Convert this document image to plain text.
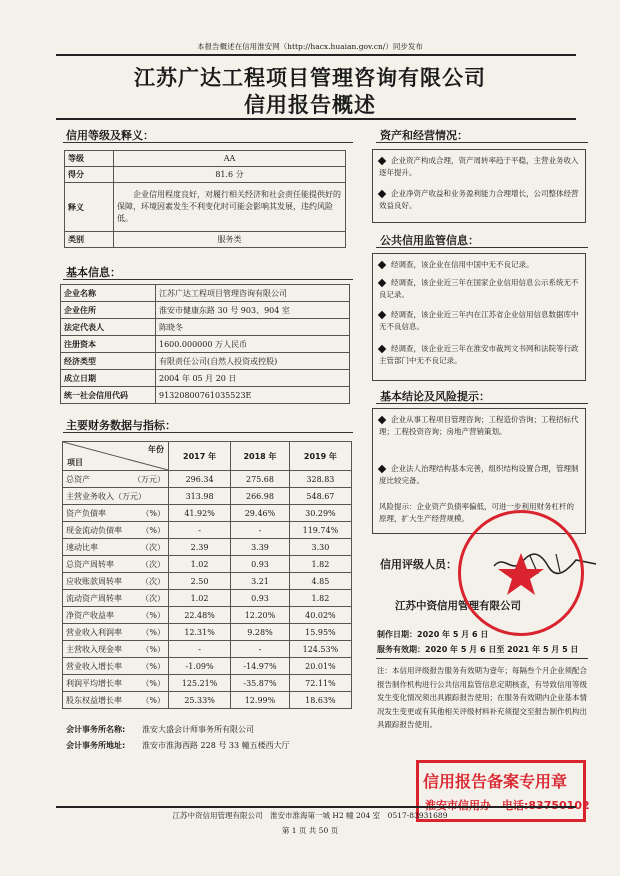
本报告概述在信用淮安网（http://hacx.huaian.gov.cn/）同步发布
江苏广达工程项目管理咨询有限公司
信用报告概述
信用等级及释义：
等级	AA
得分	81.6 分
释义	企业信用程度良好，对履行相关经济和社会责任能提供好的保障，环境因素发生不利变化时可能会影响其发展，违约风险低。
类别	服务类
基本信息：
企业名称	江苏广达工程项目管理咨询有限公司
企业住所	淮安市健康东路 30 号 903、904 室
法定代表人	陈晓冬
注册资本	1600.000000 万人民币
经济类型	有限责任公司(自然人投资或控股)
成立日期	2004 年 05 月 20 日
统一社会信用代码	91320800761035523E
主要财务数据与指标：
年份
项目	2017 年	2018 年	2019 年
总资产 （万元）	296.34	275.68	328.83
主营业务收入（万元）	313.98	266.98	548.67
资产负债率 （%）	41.92%	29.46%	30.29%
现金流动负债率 （%）	-	-	119.74%
速动比率 （次）	2.39	3.39	3.30
总资产周转率 （次）	1.02	0.93	1.82
应收账款周转率 （次）	2.50	3.21	4.85
流动资产周转率 （次）	1.02	0.93	1.82
净资产收益率 （%）	22.48%	12.20%	40.02%
营业收入利润率 （%）	12.31%	9.28%	15.95%
主营收入现金率 （%）	-	-	124.53%
营业收入增长率 （%）	-1.09%	-14.97%	20.01%
利润平均增长率 （%）	125.21%	-35.87%	72.11%
股东权益增长率 （%）	25.33%	12.99%	18.63%
会计事务所名称: 淮安大盛会计师事务所有限公司
会计事务所地址: 淮安市淮海西路 228 号 33 幢五楼西大厅
资产和经营情况：
企业资产构成合理，资产周转率趋于平稳，主营业务收入逐年提升。
企业净资产收益和业务盈利能力合理增长，公司整体经营效益良好。
公共信用监管信息：
经调查，该企业在信用中国中无不良记录。
经调查，该企业近三年在国家企业信用信息公示系统无不良记录。
经调查，该企业近三年内在江苏省企业信用信息数据库中无不良信息。
经调查，该企业近三年在淮安市裁判文书网和法院等行政主管部门中无不良记录。
基本结论及风险提示：
企业从事工程项目管理咨询；工程造价咨询；工程招标代理；工程投资咨询；房地产营销策划。
企业法人治理结构基本完善，组织结构设置合理，管理制度比较完备。
风险提示：企业资产负债率偏低，可进一步利用财务杠杆的原理，扩大生产经营规模。
信用评级人员：
江苏中资信用管理有限公司
制作日期：2020 年 5 月 6 日
服务有效期：2020 年 5 月 6 日至 2021 年 5 月 5 日
注：本信用评级报告服务有效期为壹年；每隔叁个月企业须配合报告制作机构进行公共信用监管信息定期核查，有导致信用等级发生变化情况须出具跟踪报告使用；在服务有效期内企业基本情况发生变更或有其他相关评级材料补充须提交至报告制作机构出具跟踪报告使用。
信用报告备案专用章
淮安市信用办　电话:83750102
江苏中资信用管理有限公司　淮安市淮海第一城 H2 幢 204 室　0517-83931689
第 1 页 共 50 页
